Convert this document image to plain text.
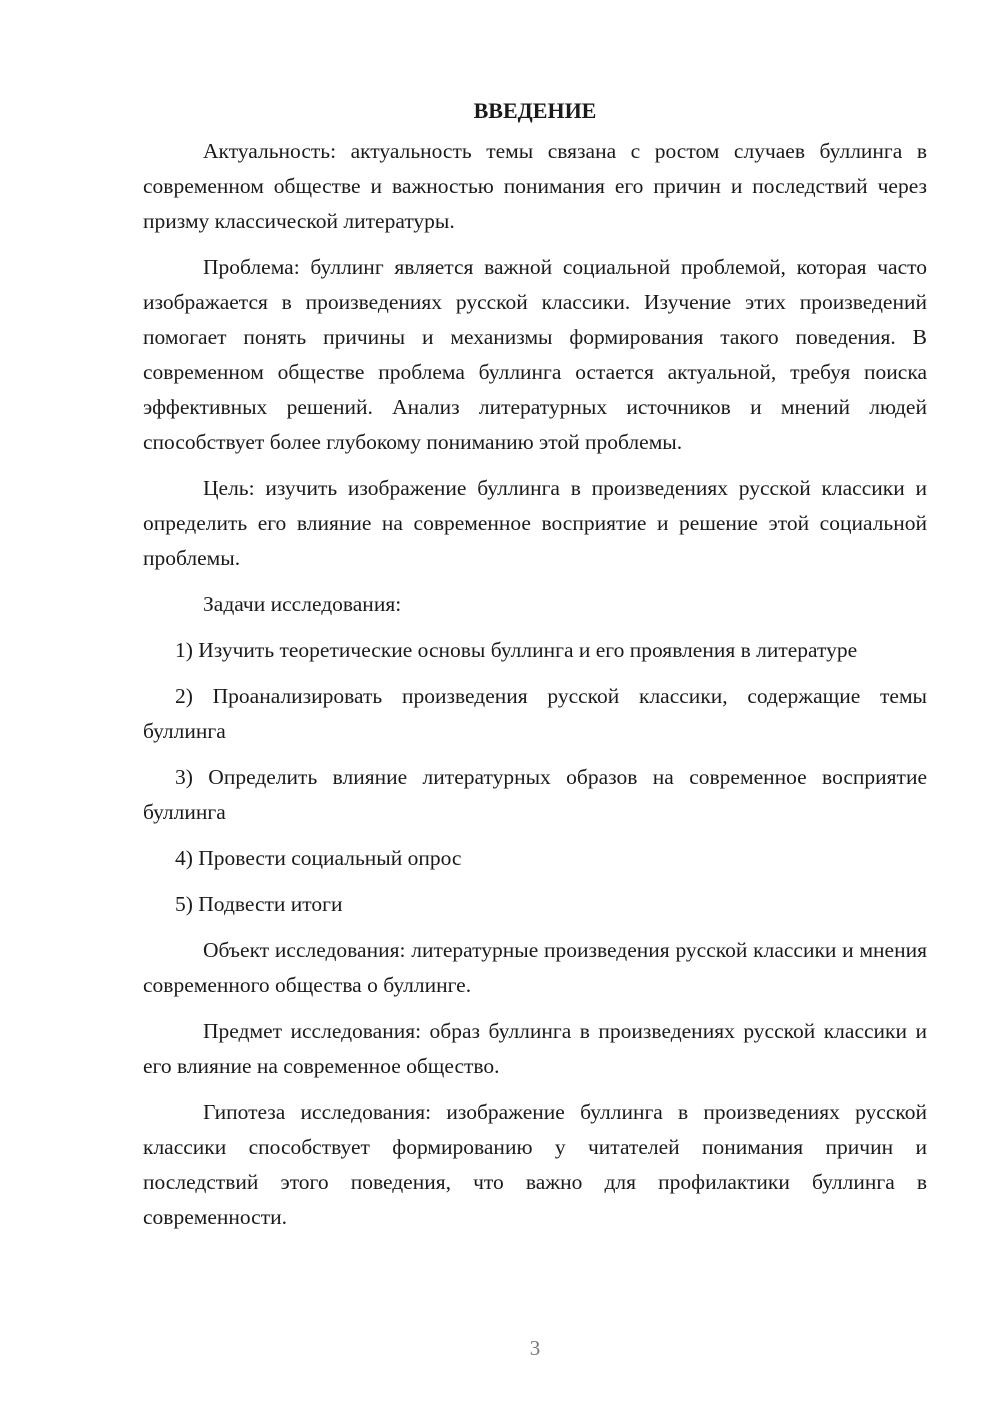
ВВЕДЕНИЕ

Актуальность: актуальность темы связана с ростом случаев буллинга в современном обществе и важностью понимания его причин и последствий через призму классической литературы.

Проблема: буллинг является важной социальной проблемой, которая часто изображается в произведениях русской классики. Изучение этих произведений помогает понять причины и механизмы формирования такого поведения. В современном обществе проблема буллинга остается актуальной, требуя поиска эффективных решений. Анализ литературных источников и мнений людей способствует более глубокому пониманию этой проблемы.

Цель: изучить изображение буллинга в произведениях русской классики и определить его влияние на современное восприятие и решение этой социальной проблемы.

Задачи исследования:

1) Изучить теоретические основы буллинга и его проявления в литературе

2) Проанализировать произведения русской классики, содержащие темы буллинга

3) Определить влияние литературных образов на современное восприятие буллинга

4) Провести социальный опрос

5) Подвести итоги

Объект исследования: литературные произведения русской классики и мнения современного общества о буллинге.

Предмет исследования: образ буллинга в произведениях русской классики и его влияние на современное общество.

Гипотеза исследования: изображение буллинга в произведениях русской классики способствует формированию у читателей понимания причин и последствий этого поведения, что важно для профилактики буллинга в современности.

3
